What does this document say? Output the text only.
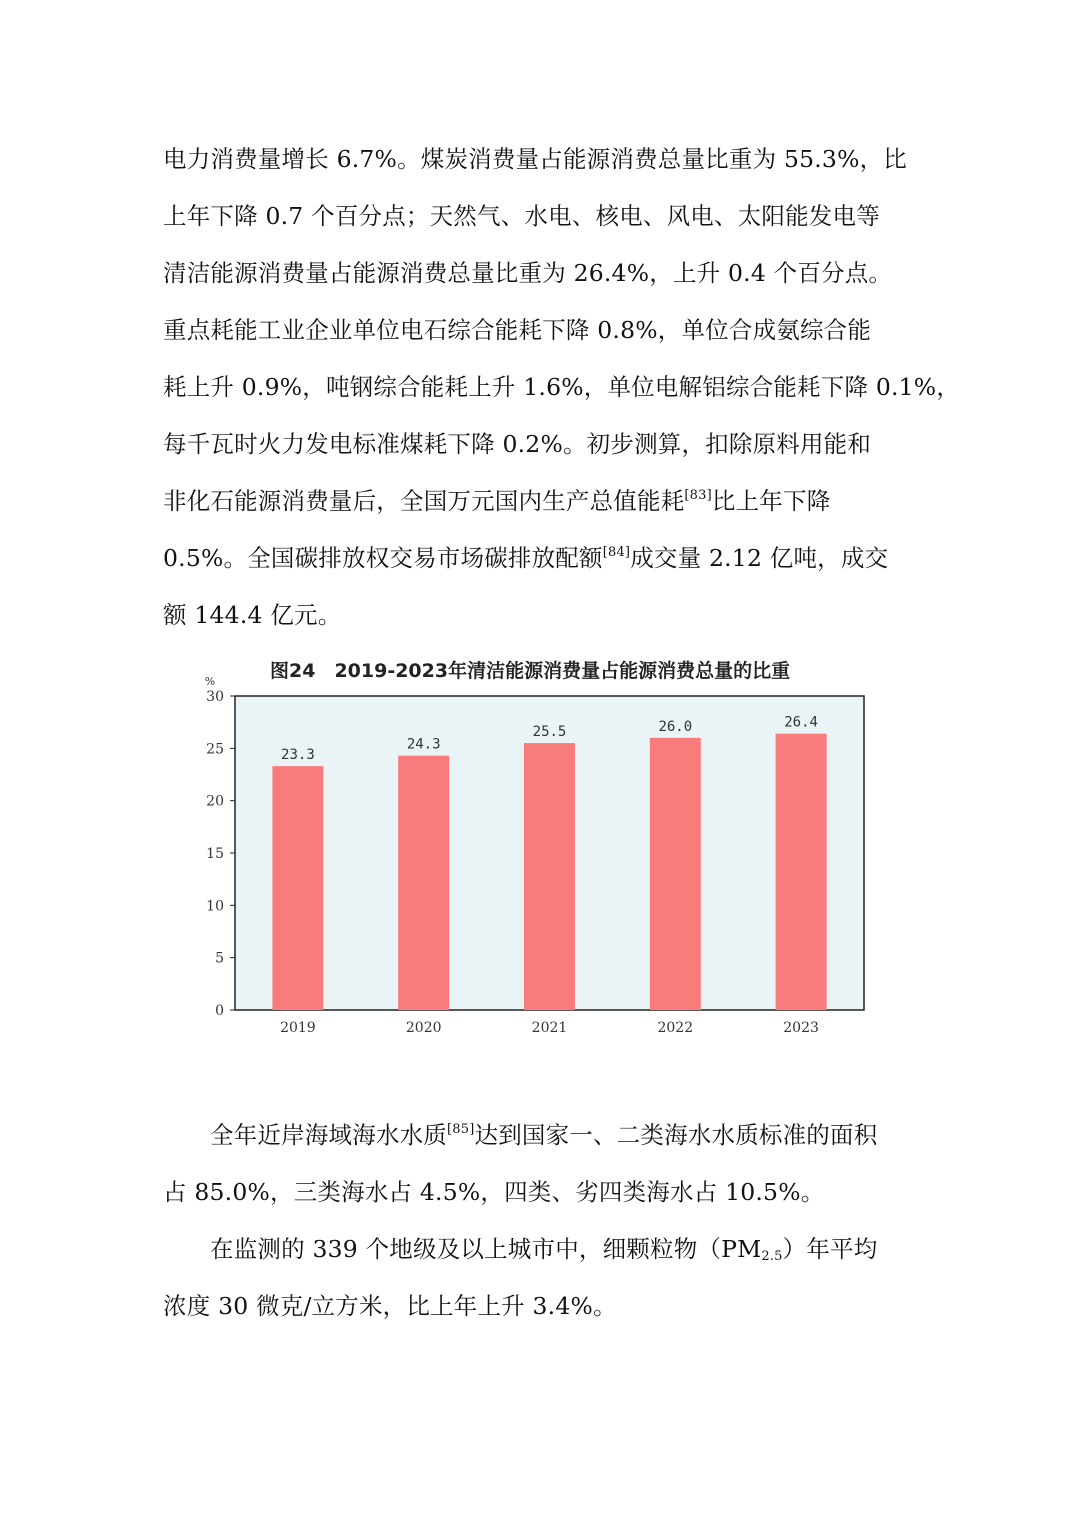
电力消费量增长 6.7%。煤炭消费量占能源消费总量比重为 55.3%，比
上年下降 0.7 个百分点；天然气、水电、核电、风电、太阳能发电等
清洁能源消费量占能源消费总量比重为 26.4%，上升 0.4 个百分点。
重点耗能工业企业单位电石综合能耗下降 0.8%，单位合成氨综合能
耗上升 0.9%，吨钢综合能耗上升 1.6%，单位电解铝综合能耗下降 0.1%，
每千瓦时火力发电标准煤耗下降 0.2%。初步测算，扣除原料用能和
非化石能源消费量后，全国万元国内生产总值能耗[83]比上年下降
0.5%。全国碳排放权交易市场碳排放配额[84]成交量 2.12 亿吨，成交
额 144.4 亿元。
图24　2019-2023年清洁能源消费量占能源消费总量的比重
%
0
5
10
15
20
25
30
23.3
24.3
25.5	26.0	26.4
2019	2020	2021	2022	2023
全年近岸海域海水水质[85]达到国家一、二类海水水质标准的面积
占 85.0%，三类海水占 4.5%，四类、劣四类海水占 10.5%。
在监测的 339 个地级及以上城市中，细颗粒物$(PM_{2.5})$年平均
浓度 30 微克/立方米，比上年上升 3.4%。
